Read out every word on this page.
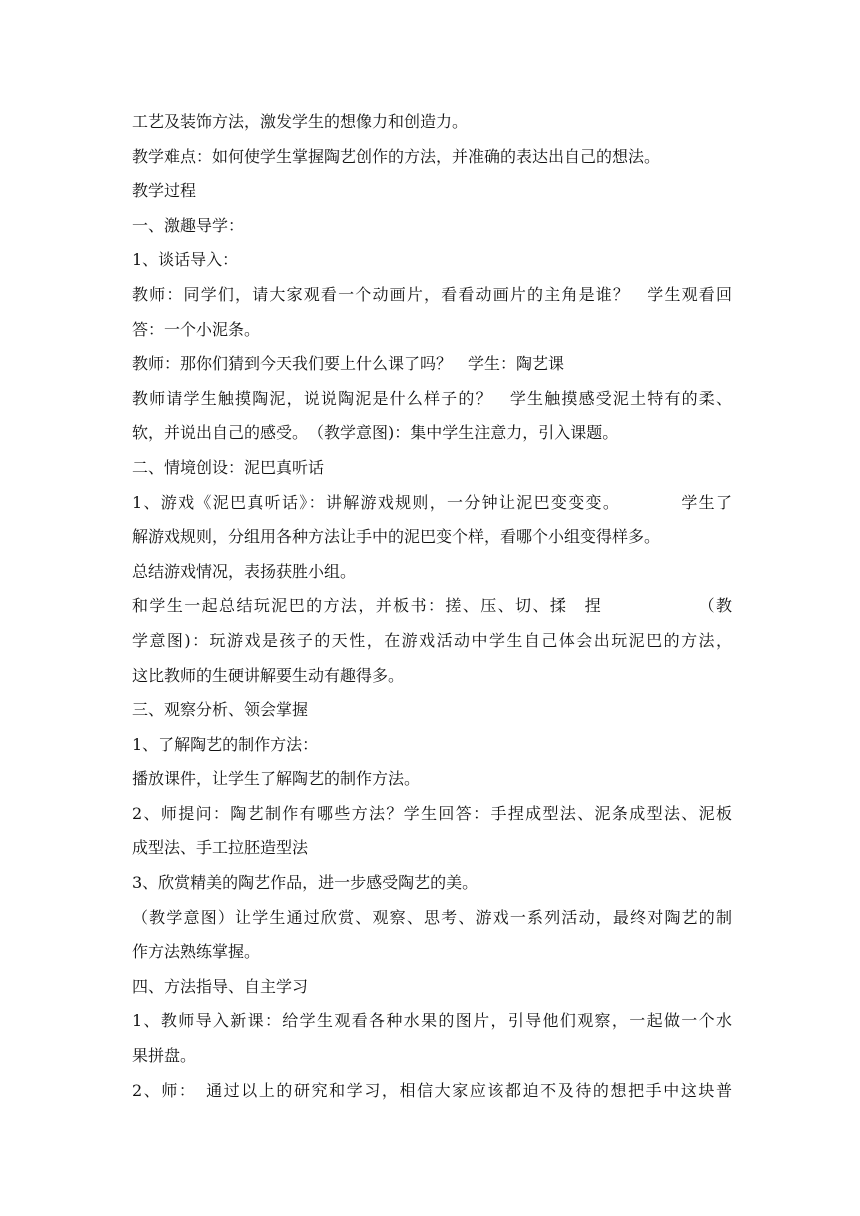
工艺及装饰方法，激发学生的想像力和创造力。
教学难点：如何使学生掌握陶艺创作的方法，并准确的表达出自己的想法。
教学过程
一、激趣导学：
1、谈话导入：
教师：同学们，请大家观看一个动画片，看看动画片的主角是谁？　学生观看回
答：一个小泥条。
教师：那你们猜到今天我们要上什么课了吗？　学生：陶艺课
教师请学生触摸陶泥，说说陶泥是什么样子的？　学生触摸感受泥土特有的柔、
软，并说出自己的感受。　（教学意图)：集中学生注意力，引入课题。
二、情境创设：泥巴真听话
1、游戏《泥巴真听话》：讲解游戏规则，一分钟让泥巴变变变。　　　　学生了
解游戏规则，分组用各种方法让手中的泥巴变个样，看哪个小组变得样多。
总结游戏情况，表扬获胜小组。
和学生一起总结玩泥巴的方法，并板书：搓、压、切、揉　捏　　　　　　（教
学意图)：玩游戏是孩子的天性，在游戏活动中学生自己体会出玩泥巴的方法，
这比教师的生硬讲解要生动有趣得多。
三、观察分析、领会掌握
1、了解陶艺的制作方法：
播放课件，让学生了解陶艺的制作方法。
2、师提问：陶艺制作有哪些方法？学生回答：手捏成型法、泥条成型法、泥板
成型法、手工拉胚造型法
3、欣赏精美的陶艺作品，进一步感受陶艺的美。
（教学意图）让学生通过欣赏、观察、思考、游戏一系列活动，最终对陶艺的制
作方法熟练掌握。
四、方法指导、自主学习
1、教师导入新课：给学生观看各种水果的图片，引导他们观察，一起做一个水
果拼盘。
2、师：　通过以上的研究和学习，相信大家应该都迫不及待的想把手中这块普
